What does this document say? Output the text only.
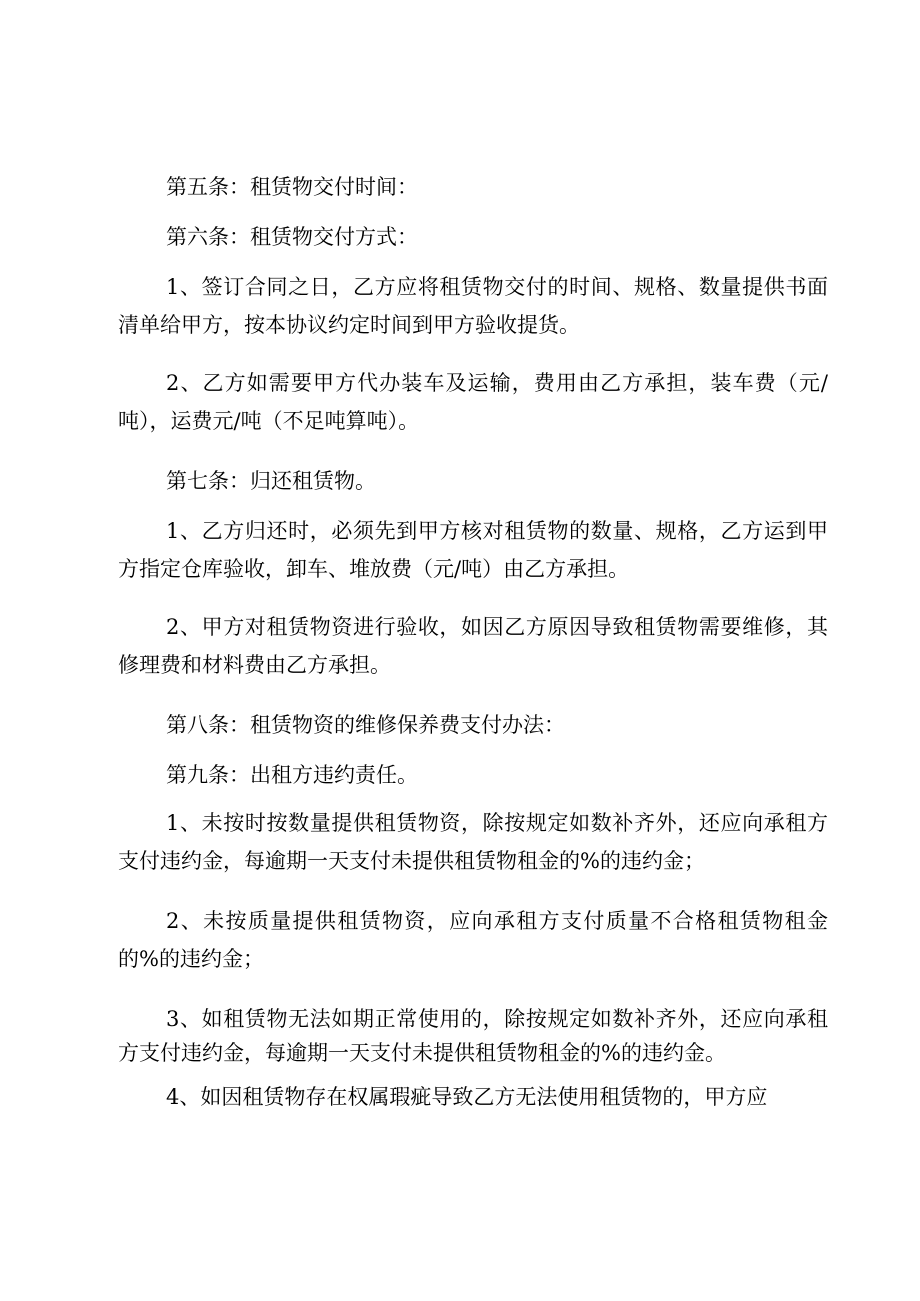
第五条：租赁物交付时间：

第六条：租赁物交付方式：

1、签订合同之日，乙方应将租赁物交付的时间、规格、数量提供书面清单给甲方，按本协议约定时间到甲方验收提货。

2、乙方如需要甲方代办装车及运输，费用由乙方承担，装车费（元/吨），运费元/吨（不足吨算吨）。

第七条：归还租赁物。

1、乙方归还时，必须先到甲方核对租赁物的数量、规格，乙方运到甲方指定仓库验收，卸车、堆放费（元/吨）由乙方承担。

2、甲方对租赁物资进行验收，如因乙方原因导致租赁物需要维修，其修理费和材料费由乙方承担。

第八条：租赁物资的维修保养费支付办法：

第九条：出租方违约责任。

1、未按时按数量提供租赁物资，除按规定如数补齐外，还应向承租方支付违约金，每逾期一天支付未提供租赁物租金的%的违约金；

2、未按质量提供租赁物资，应向承租方支付质量不合格租赁物租金的%的违约金；

3、如租赁物无法如期正常使用的，除按规定如数补齐外，还应向承租方支付违约金，每逾期一天支付未提供租赁物租金的%的违约金。

4、如因租赁物存在权属瑕疵导致乙方无法使用租赁物的，甲方应
